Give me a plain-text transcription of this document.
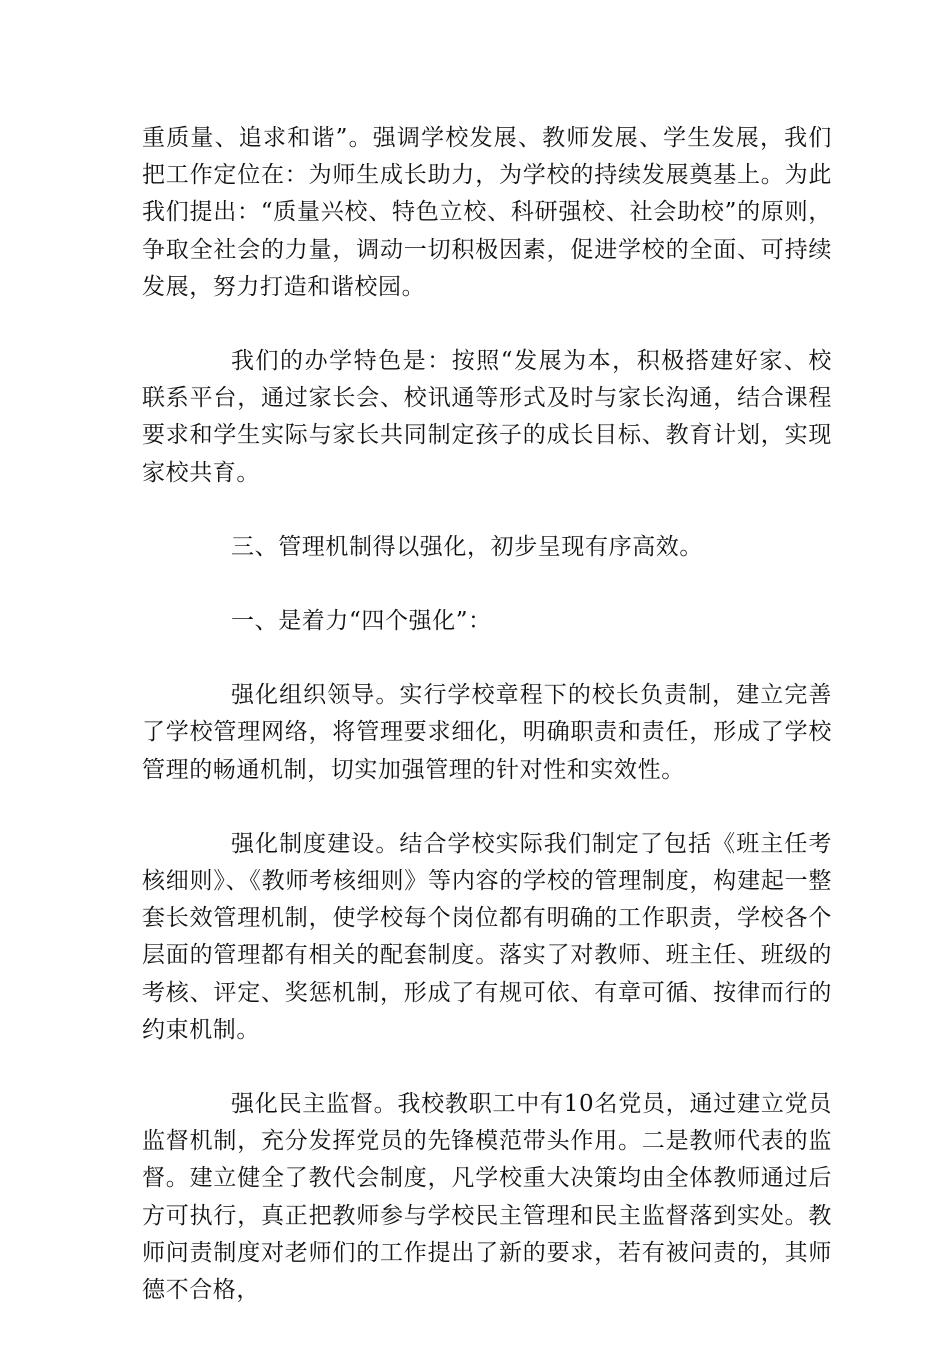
重质量、追求和谐”。强调学校发展、教师发展、学生发展，我们把工作定位在：为师生成长助力，为学校的持续发展奠基上。为此我们提出：“质量兴校、特色立校、科研强校、社会助校”的原则，争取全社会的力量，调动一切积极因素，促进学校的全面、可持续发展，努力打造和谐校园。

我们的办学特色是：按照“发展为本，积极搭建好家、校联系平台，通过家长会、校讯通等形式及时与家长沟通，结合课程要求和学生实际与家长共同制定孩子的成长目标、教育计划，实现家校共育。

三、管理机制得以强化，初步呈现有序高效。

一、是着力“四个强化”：

强化组织领导。实行学校章程下的校长负责制，建立完善了学校管理网络，将管理要求细化，明确职责和责任，形成了学校管理的畅通机制，切实加强管理的针对性和实效性。

强化制度建设。结合学校实际我们制定了包括《班主任考核细则》、《教师考核细则》等内容的学校的管理制度，构建起一整套长效管理机制，使学校每个岗位都有明确的工作职责，学校各个层面的管理都有相关的配套制度。落实了对教师、班主任、班级的考核、评定、奖惩机制，形成了有规可依、有章可循、按律而行的约束机制。

强化民主监督。我校教职工中有10名党员，通过建立党员监督机制，充分发挥党员的先锋模范带头作用。二是教师代表的监督。建立健全了教代会制度，凡学校重大决策均由全体教师通过后方可执行，真正把教师参与学校民主管理和民主监督落到实处。教师问责制度对老师们的工作提出了新的要求，若有被问责的，其师德不合格，
